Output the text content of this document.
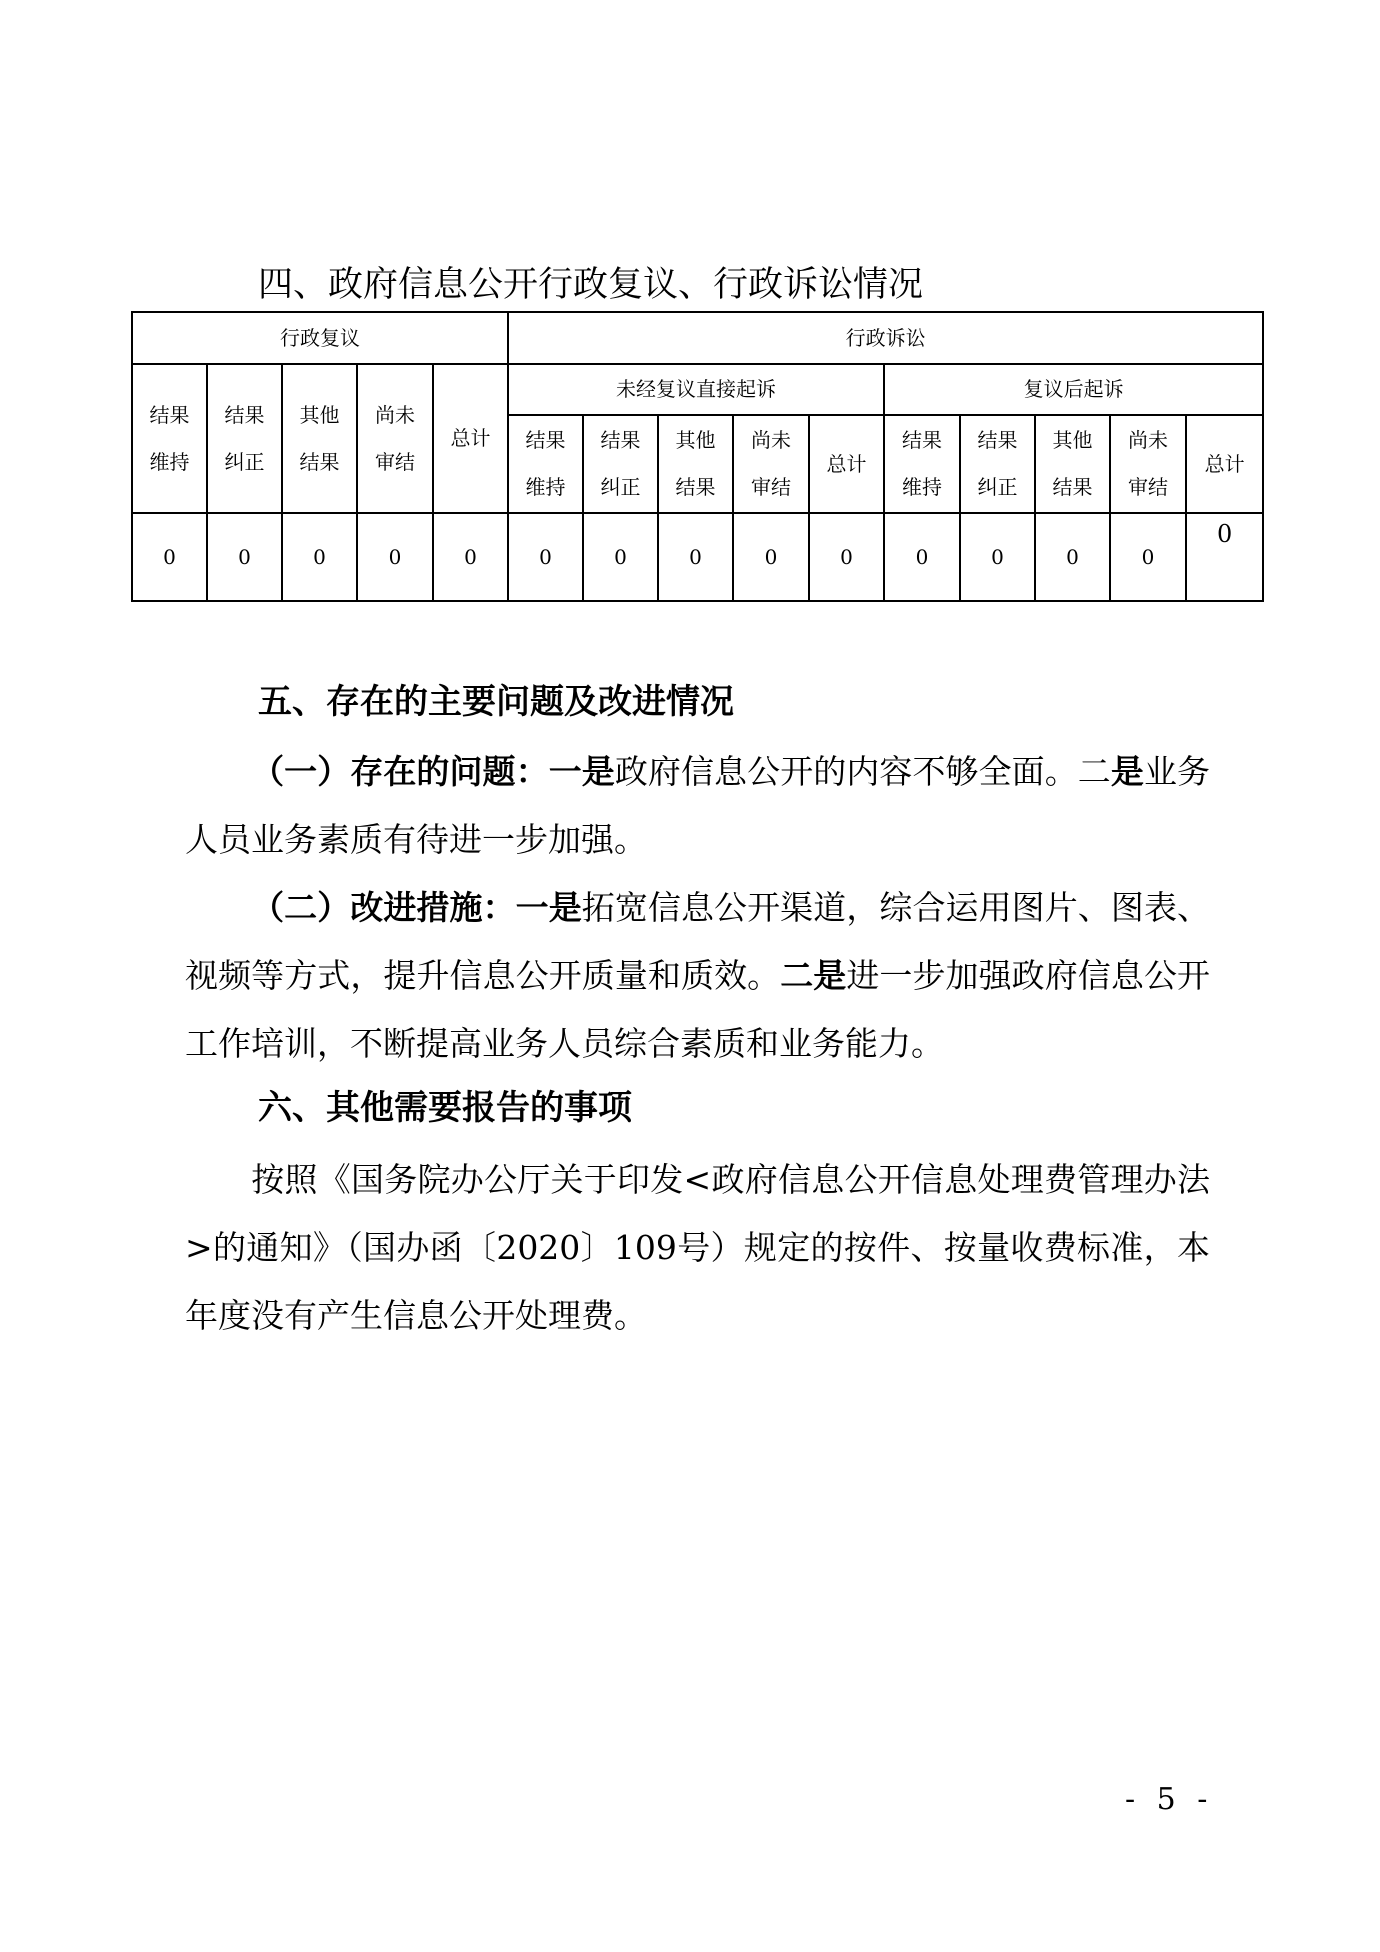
四、政府信息公开行政复议、行政诉讼情况
行政复议					行政诉讼									
结果维持	结果纠正	其他结果	尚未审结	总计	未经复议直接起诉					复议后起诉				
					结果维持	结果纠正	其他结果	尚未审结	总计	结果维持	结果纠正	其他结果	尚未审结	总计
0	0	0	0	0	0	0	0	0	0	0	0	0	0	0
五、存在的主要问题及改进情况
（一）存在的问题：一是政府信息公开的内容不够全面。二是业务人员业务素质有待进一步加强。
（二）改进措施：一是拓宽信息公开渠道，综合运用图片、图表、视频等方式，提升信息公开质量和质效。二是进一步加强政府信息公开工作培训，不断提高业务人员综合素质和业务能力。
六、其他需要报告的事项
按照《国务院办公厅关于印发<政府信息公开信息处理费管理办法>的通知》（国办函〔2020〕109号）规定的按件、按量收费标准，本年度没有产生信息公开处理费。
- 5 -
